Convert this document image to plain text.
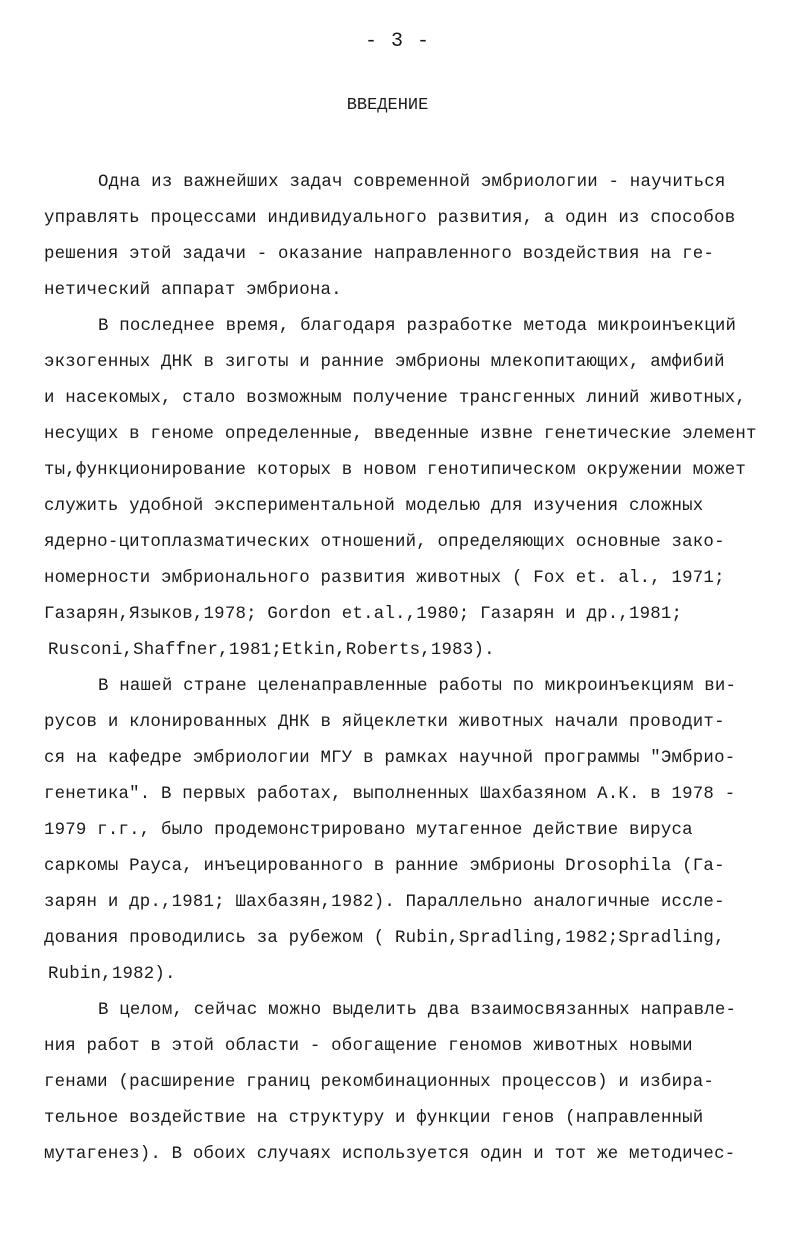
- 3 -
ВВЕДЕНИЕ
Одна из важнейших задач современной эмбриологии - научиться
управлять процессами индивидуального развития, а один из способов
решения этой задачи - оказание направленного воздействия на ге-
нетический аппарат эмбриона.
В последнее время, благодаря разработке метода микроинъекций
экзогенных ДНК в зиготы и ранние эмбрионы млекопитающих, амфибий
и насекомых, стало возможным получение трансгенных линий животных,
несущих в геноме определенные, введенные извне генетические элемент
ты,функционирование которых в новом генотипическом окружении может
служить удобной экспериментальной моделью для изучения сложных
ядерно-цитоплазматических отношений, определяющих основные зако-
номерности эмбрионального развития животных ( Fox et. al., 1971;
Газарян,Языков,1978; Gordon et.al.,1980; Газарян и др.,1981;
Rusconi,Shaffner,1981;Etkin,Roberts,1983).
В нашей стране целенаправленные работы по микроинъекциям ви-
русов и клонированных ДНК в яйцеклетки животных начали проводит-
ся на кафедре эмбриологии МГУ в рамках научной программы "Эмбрио-
генетика". В первых работах, выполненных Шахбазяном А.К. в 1978 -
1979 г.г., было продемонстрировано мутагенное действие вируса
саркомы Рауса, инъецированного в ранние эмбрионы Drosophila (Га-
зарян и др.,1981; Шахбазян,1982). Параллельно аналогичные иссле-
дования проводились за рубежом ( Rubin,Spradling,1982;Spradling,
Rubin,1982).
В целом, сейчас можно выделить два взаимосвязанных направле-
ния работ в этой области - обогащение геномов животных новыми
генами (расширение границ рекомбинационных процессов) и избира-
тельное воздействие на структуру и функции генов (направленный
мутагенез). В обоих случаях используется один и тот же методичес-
